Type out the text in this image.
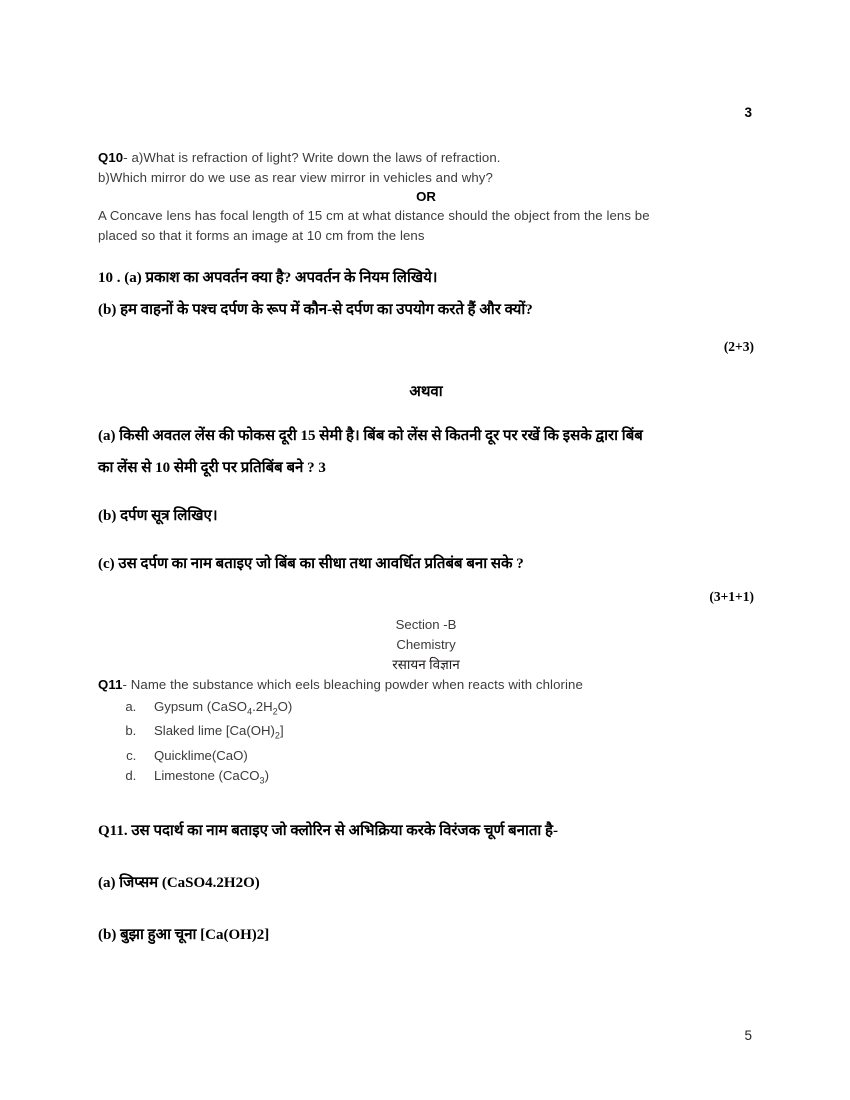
3
Q10- a)What is refraction of light? Write down the laws of refraction.
b)Which mirror do we use as rear view mirror in vehicles and why?
OR
A Concave lens has focal length of 15 cm at what distance should the object from the lens be
placed so that it forms an image at 10 cm from the lens
10 . (a) प्रकाश का अपवर्तन क्या है? अपवर्तन के नियम लिखिये।
(b) हम वाहनों के पश्च दर्पण के रूप में कौन-से दर्पण का उपयोग करते हैं और क्यों?
(2+3)
अथवा
(a) किसी अवतल लेंस की फोकस दूरी 15 सेमी है। बिंब को लेंस से कितनी दूर पर रखें कि इसके द्वारा बिंब
का लेंस से 10 सेमी दूरी पर प्रतिबिंब बने ? 3
(b) दर्पण सूत्र लिखिए।
(c) उस दर्पण का नाम बताइए जो बिंब का सीधा तथा आवर्धित प्रतिबंब बना सके ?
(3+1+1)
Section -B
Chemistry
रसायन विज्ञान
Q11- Name the substance which eels bleaching powder when reacts with chlorine
a. Gypsum $(CaSO_4.2H_2O)$
b. Slaked lime $[Ca(OH)_2]$
c. Quicklime(CaO)
d. Limestone (CaCO$_3$)
Q11. उस पदार्थ का नाम बताइए जो क्लोरिन से अभिक्रिया करके विरंजक चूर्ण बनाता है-
(a) जिप्सम (CaSO4.2H2O)
(b) बुझा हुआ चूना [Ca(OH)2]
5
